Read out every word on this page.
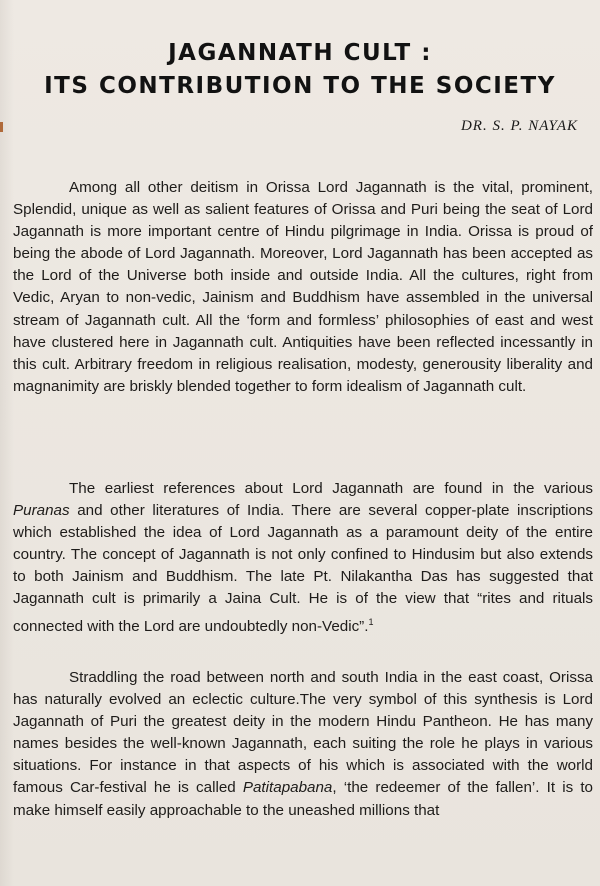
JAGANNATH CULT :
ITS CONTRIBUTION TO THE SOCIETY
DR. S. P. NAYAK

Among all other deitism in Orissa Lord Jagannath is the vital, prominent, Splendid, unique as well as salient features of Orissa and Puri being the seat of Lord Jagannath is more important centre of Hindu pilgrimage in India. Orissa is proud of being the abode of Lord Jagannath. Moreover, Lord Jagannath has been accepted as the Lord of the Universe both inside and outside India. All the cultures, right from Vedic, Aryan to non-vedic, Jainism and Buddhism have assembled in the universal stream of Jagannath cult. All the ‘form and formless’ philosophies of east and west have clustered here in Jagannath cult. Antiquities have been reflected incessantly in this cult. Arbitrary freedom in religious realisation, modesty, generousity liberality and magnanimity are briskly blended together to form idealism of Jagannath cult.

The earliest references about Lord Jagannath are found in the various Puranas and other literatures of India. There are several copper-plate inscriptions which established the idea of Lord Jagannath as a paramount deity of the entire country. The concept of Jagannath is not only confined to Hindusim but also extends to both Jainism and Buddhism. The late Pt. Nilakantha Das has suggested that Jagannath cult is primarily a Jaina Cult. He is of the view that “rites and rituals connected with the Lord are undoubtedly non-Vedic”.$^1$

Straddling the road between north and south India in the east coast, Orissa has naturally evolved an eclectic culture.The very symbol of this synthesis is Lord Jagannath of Puri the greatest deity in the modern Hindu Pantheon. He has many names besides the well-known Jagannath, each suiting the role he plays in various situations. For instance in that aspects of his which is associated with the world famous Car-festival he is called Patitapabana, ‘the redeemer of the fallen’. It is to make himself easily approachable to the uneashed millions that
